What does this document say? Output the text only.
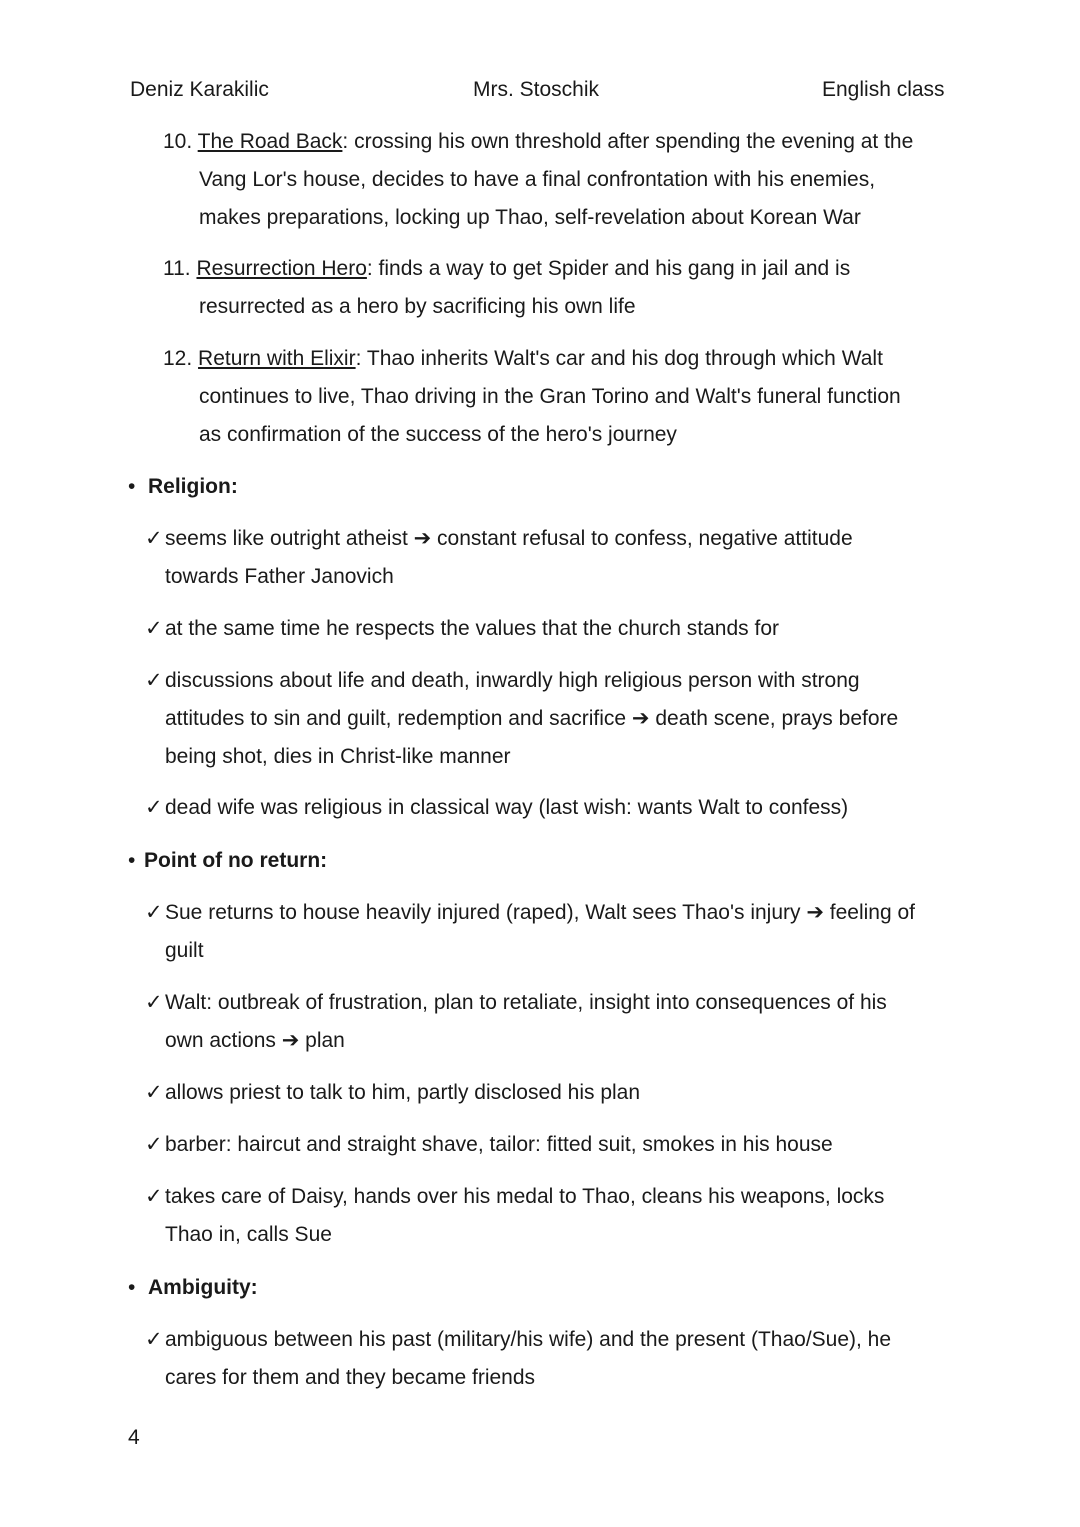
Deniz Karakilic	Mrs. Stoschik	English class
10. The Road Back: crossing his own threshold after spending the evening at the
Vang Lor's house, decides to have a final confrontation with his enemies,
makes preparations, locking up Thao, self-revelation about Korean War
11. Resurrection Hero: finds a way to get Spider and his gang in jail and is
resurrected as a hero by sacrificing his own life
12. Return with Elixir: Thao inherits Walt's car and his dog through which Walt
continues to live, Thao driving in the Gran Torino and Walt's funeral function
as confirmation of the success of the hero's journey
• Religion:
✓ seems like outright atheist ➔ constant refusal to confess, negative attitude
towards Father Janovich
✓ at the same time he respects the values that the church stands for
✓ discussions about life and death, inwardly high religious person with strong
attitudes to sin and guilt, redemption and sacrifice ➔ death scene, prays before
being shot, dies in Christ-like manner
✓ dead wife was religious in classical way (last wish: wants Walt to confess)
• Point of no return:
✓ Sue returns to house heavily injured (raped), Walt sees Thao's injury ➔ feeling of
guilt
✓ Walt: outbreak of frustration, plan to retaliate, insight into consequences of his
own actions ➔ plan
✓ allows priest to talk to him, partly disclosed his plan
✓ barber: haircut and straight shave, tailor: fitted suit, smokes in his house
✓ takes care of Daisy, hands over his medal to Thao, cleans his weapons, locks
Thao in, calls Sue
• Ambiguity:
✓ ambiguous between his past (military/his wife) and the present (Thao/Sue), he
cares for them and they became friends
4
